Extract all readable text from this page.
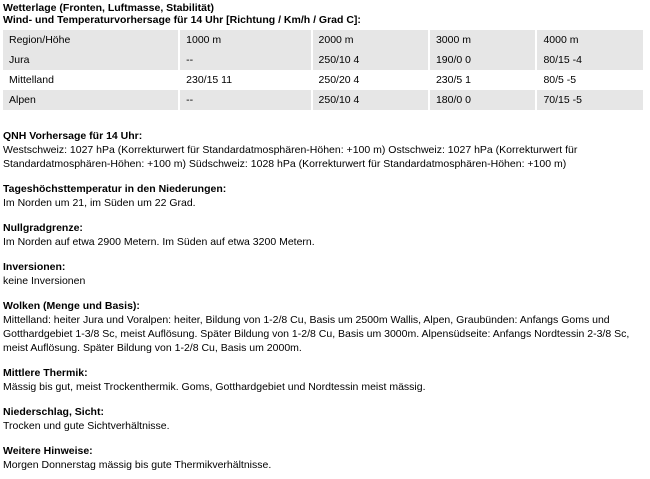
Wetterlage (Fronten, Luftmasse, Stabilität)
Wind- und Temperaturvorhersage für 14 Uhr [Richtung / Km/h / Grad C]:
Region/Höhe		1000 m		2000 m		3000 m		4000 m
Jura		--		250/10 4		190/0 0		80/15 -4
Mittelland		230/15 11		250/20 4		230/5 1		80/5 -5
Alpen		--		250/10 4		180/0 0		70/15 -5
QNH Vorhersage für 14 Uhr:
Westschweiz: 1027 hPa (Korrekturwert für Standardatmosphären-Höhen: +100 m) Ostschweiz: 1027 hPa (Korrekturwert für Standardatmosphären-Höhen: +100 m) Südschweiz: 1028 hPa (Korrekturwert für Standardatmosphären-Höhen: +100 m)
Tageshöchsttemperatur in den Niederungen:
Im Norden um 21, im Süden um 22 Grad.
Nullgradgrenze:
Im Norden auf etwa 2900 Metern. Im Süden auf etwa 3200 Metern.
Inversionen:
keine Inversionen
Wolken (Menge und Basis):
Mittelland: heiter Jura und Voralpen: heiter, Bildung von 1-2/8 Cu, Basis um 2500m Wallis, Alpen, Graubünden: Anfangs Goms und Gotthardgebiet 1-3/8 Sc, meist Auflösung. Später Bildung von 1-2/8 Cu, Basis um 3000m. Alpensüdseite: Anfangs Nordtessin 2-3/8 Sc, meist Auflösung. Später Bildung von 1-2/8 Cu, Basis um 2000m.
Mittlere Thermik:
Mässig bis gut, meist Trockenthermik. Goms, Gotthardgebiet und Nordtessin meist mässig.
Niederschlag, Sicht:
Trocken und gute Sichtverhältnisse.
Weitere Hinweise:
Morgen Donnerstag mässig bis gute Thermikverhältnisse.
